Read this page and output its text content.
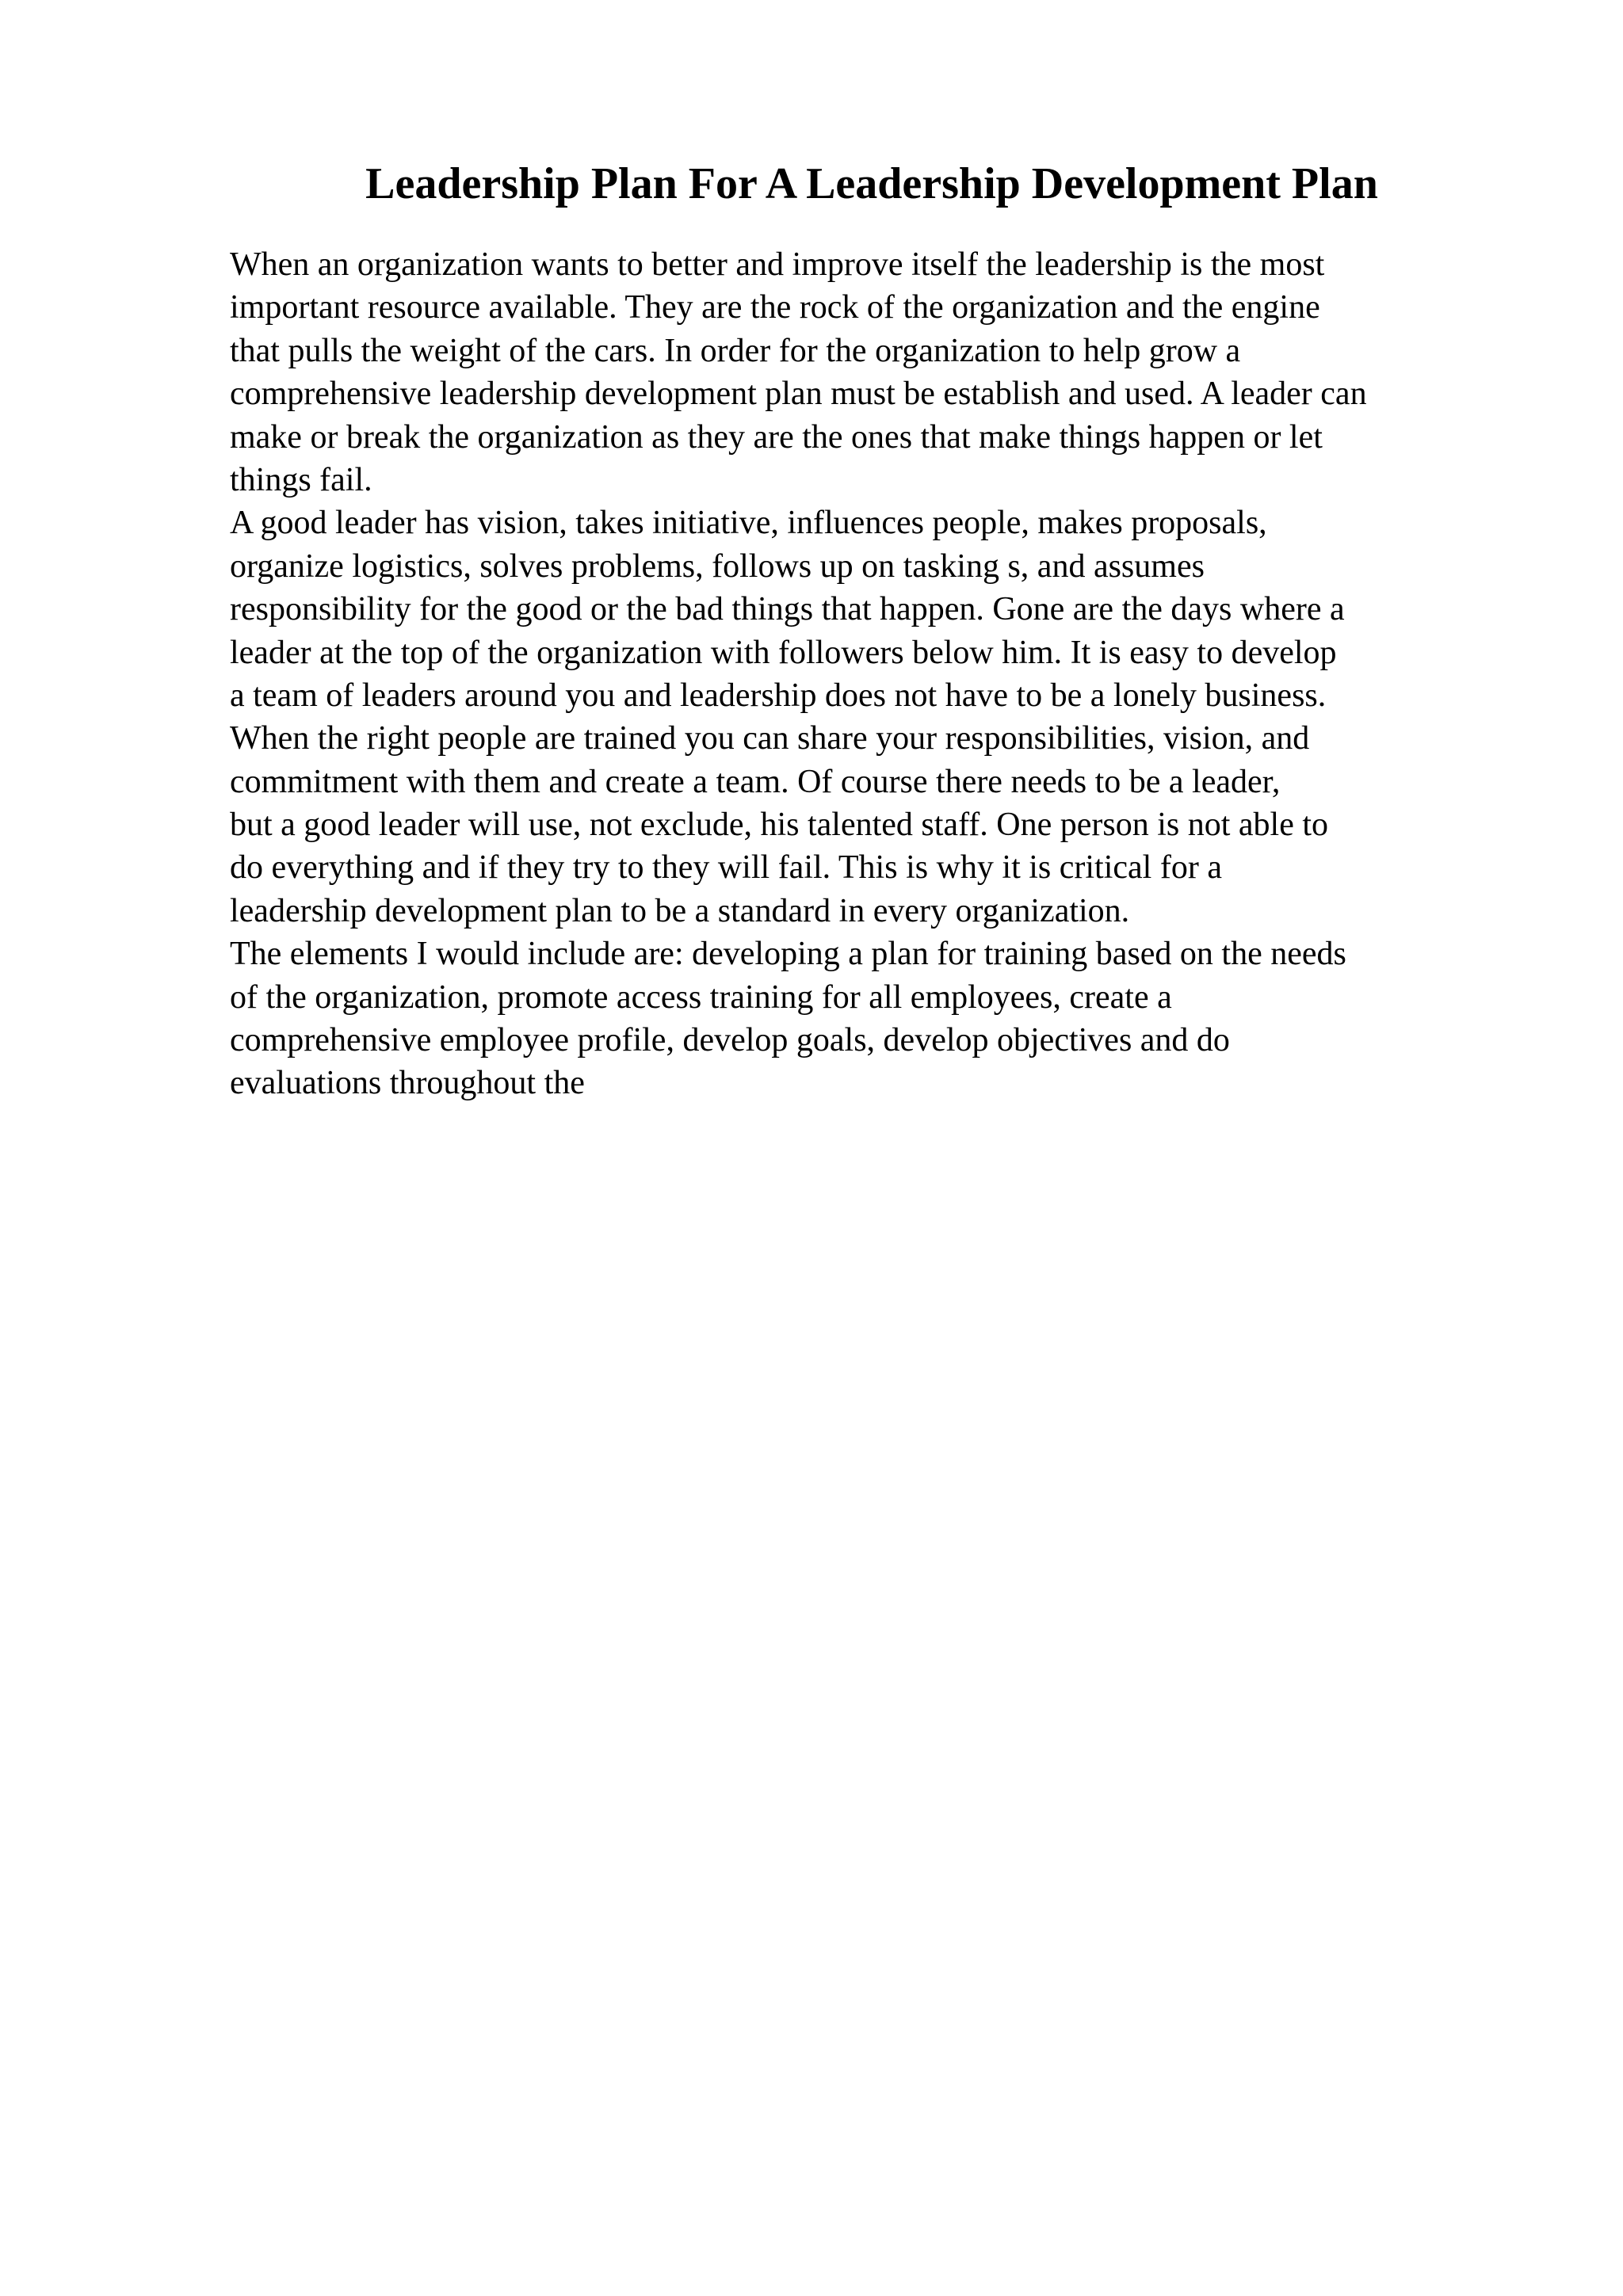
Leadership Plan For A Leadership Development Plan
When an organization wants to better and improve itself the leadership is the most
important resource available. They are the rock of the organization and the engine
that pulls the weight of the cars. In order for the organization to help grow a
comprehensive leadership development plan must be establish and used. A leader can
make or break the organization as they are the ones that make things happen or let
things fail.
A good leader has vision, takes initiative, influences people, makes proposals,
organize logistics, solves problems, follows up on tasking s, and assumes
responsibility for the good or the bad things that happen. Gone are the days where a
leader at the top of the organization with followers below him. It is easy to develop
a team of leaders around you and leadership does not have to be a lonely business.
When the right people are trained you can share your responsibilities, vision, and
commitment with them and create a team. Of course there needs to be a leader,
but a good leader will use, not exclude, his talented staff. One person is not able to
do everything and if they try to they will fail. This is why it is critical for a
leadership development plan to be a standard in every organization.
The elements I would include are: developing a plan for training based on the needs
of the organization, promote access training for all employees, create a
comprehensive employee profile, develop goals, develop objectives and do
evaluations throughout the
